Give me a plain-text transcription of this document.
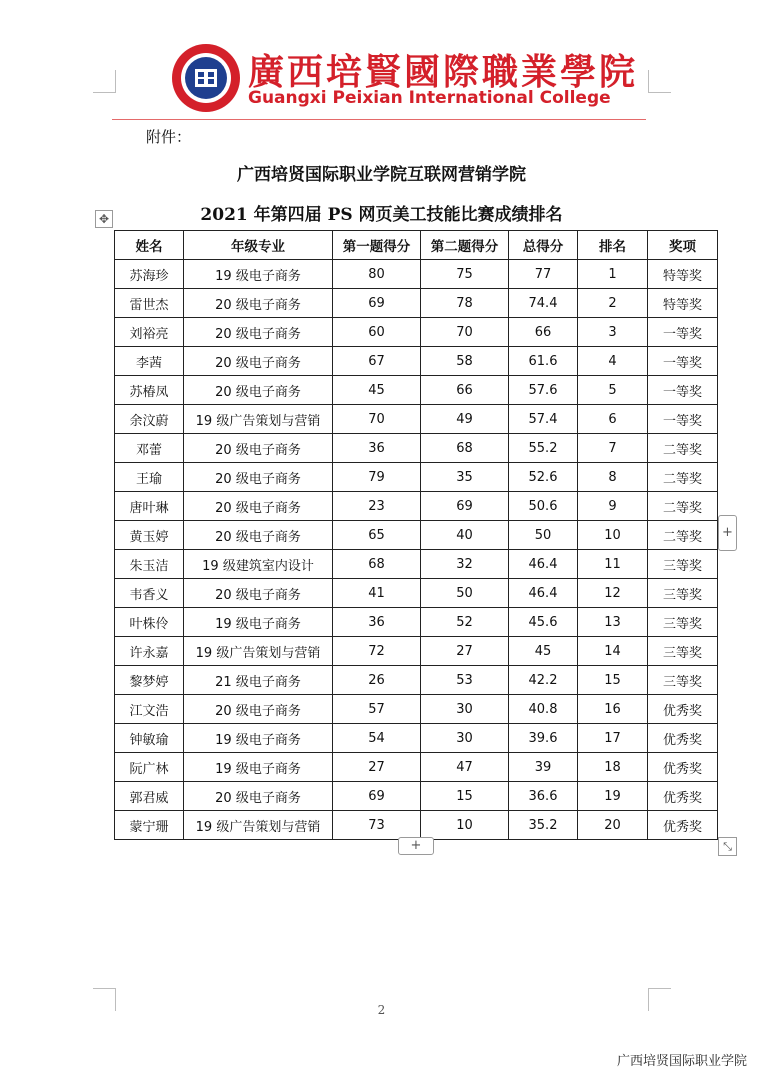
廣西培賢國際職業學院
Guangxi Peixian International College
附件：
广西培贤国际职业学院互联网营销学院
2021 年第四届 PS 网页美工技能比赛成绩排名
✥
姓名	年级专业	第一题得分	第二题得分	总得分	排名	奖项
苏海珍	19 级电子商务	80	75	77	1	特等奖
雷世杰	20 级电子商务	69	78	74.4	2	特等奖
刘裕亮	20 级电子商务	60	70	66	3	一等奖
李茜	20 级电子商务	67	58	61.6	4	一等奖
苏椿凤	20 级电子商务	45	66	57.6	5	一等奖
余汶蔚	19 级广告策划与营销	70	49	57.4	6	一等奖
邓蕾	20 级电子商务	36	68	55.2	7	二等奖
王瑜	20 级电子商务	79	35	52.6	8	二等奖
唐叶琳	20 级电子商务	23	69	50.6	9	二等奖
黄玉婷	20 级电子商务	65	40	50	10	二等奖
朱玉洁	19 级建筑室内设计	68	32	46.4	11	三等奖
韦香义	20 级电子商务	41	50	46.4	12	三等奖
叶株伶	19 级电子商务	36	52	45.6	13	三等奖
许永嘉	19 级广告策划与营销	72	27	45	14	三等奖
黎梦婷	21 级电子商务	26	53	42.2	15	三等奖
江文浩	20 级电子商务	57	30	40.8	16	优秀奖
钟敏瑜	19 级电子商务	54	30	39.6	17	优秀奖
阮广林	19 级电子商务	27	47	39	18	优秀奖
郭君威	20 级电子商务	69	15	36.6	19	优秀奖
蒙宁珊	19 级广告策划与营销	73	10	35.2	20	优秀奖
+
+	⤡
2
广西培贤国际职业学院
